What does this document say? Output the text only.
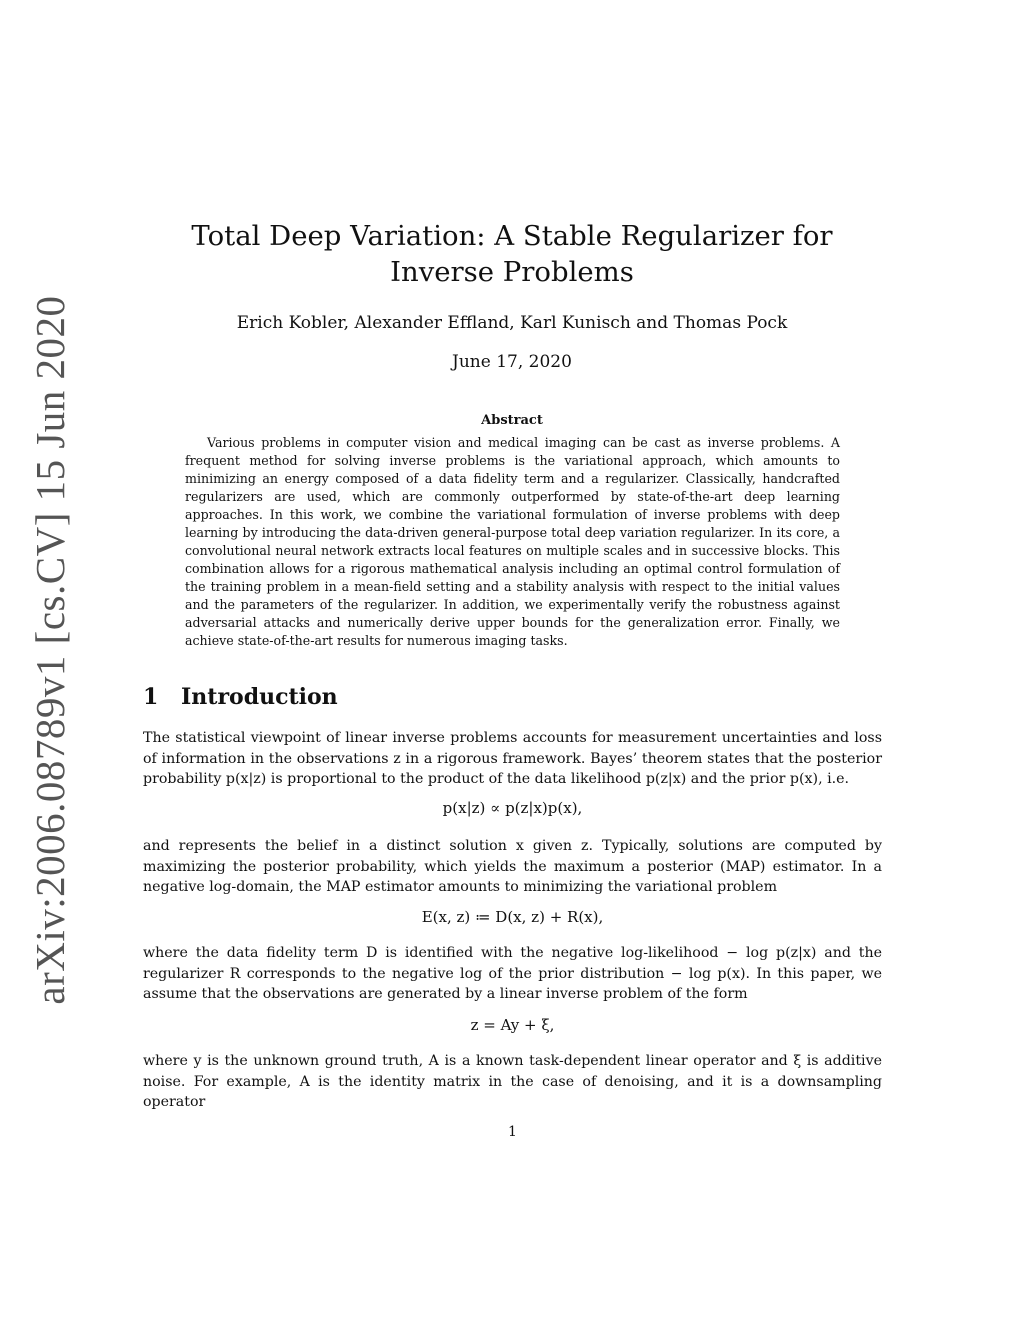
arXiv:2006.08789v1 [cs.CV] 15 Jun 2020
Total Deep Variation: A Stable Regularizer for Inverse Problems

Erich Kobler, Alexander Effland, Karl Kunisch and Thomas Pock

June 17, 2020

Abstract

Various problems in computer vision and medical imaging can be cast as inverse problems. A frequent method for solving inverse problems is the variational approach, which amounts to minimizing an energy composed of a data fidelity term and a regularizer. Classically, handcrafted regularizers are used, which are commonly outperformed by state-of-the-art deep learning approaches. In this work, we combine the variational formulation of inverse problems with deep learning by introducing the data-driven general-purpose total deep variation regularizer. In its core, a convolutional neural network extracts local features on multiple scales and in successive blocks. This combination allows for a rigorous mathematical analysis including an optimal control formulation of the training problem in a mean-field setting and a stability analysis with respect to the initial values and the parameters of the regularizer. In addition, we experimentally verify the robustness against adversarial attacks and numerically derive upper bounds for the generalization error. Finally, we achieve state-of-the-art results for numerous imaging tasks.

1 Introduction

The statistical viewpoint of linear inverse problems accounts for measurement uncertainties and loss of information in the observations z in a rigorous framework. Bayes’ theorem states that the posterior probability p(x|z) is proportional to the product of the data likelihood p(z|x) and the prior p(x), i.e.

p(x|z) ∝ p(z|x)p(x),

and represents the belief in a distinct solution x given z. Typically, solutions are computed by maximizing the posterior probability, which yields the maximum a posterior (MAP) estimator. In a negative log-domain, the MAP estimator amounts to minimizing the variational problem

E(x, z) ≔ D(x, z) + R(x),

where the data fidelity term D is identified with the negative log-likelihood − log p(z|x) and the regularizer R corresponds to the negative log of the prior distribution − log p(x). In this paper, we assume that the observations are generated by a linear inverse problem of the form

z = Ay + ξ,

where y is the unknown ground truth, A is a known task-dependent linear operator and ξ is additive noise. For example, A is the identity matrix in the case of denoising, and it is a downsampling operator

1
